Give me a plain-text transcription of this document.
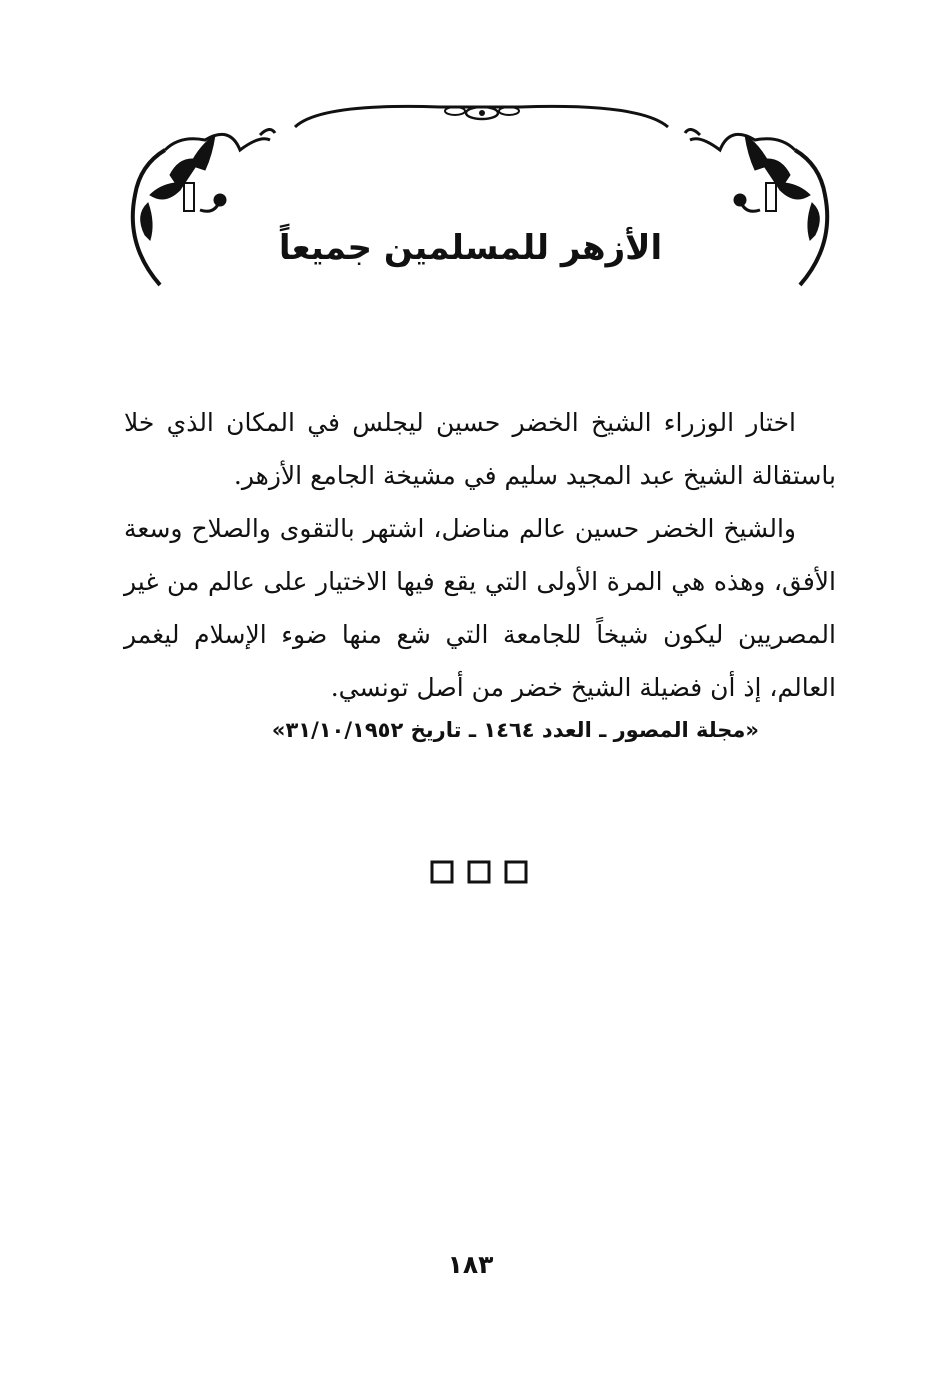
الأزهر للمسلمين جميعاً

اختار الوزراء الشيخ الخضر حسين ليجلس في المكان الذي خلا باستقالة الشيخ عبد المجيد سليم في مشيخة الجامع الأزهر.

والشيخ الخضر حسين عالم مناضل، اشتهر بالتقوى والصلاح وسعة الأفق، وهذه هي المرة الأولى التي يقع فيها الاختيار على عالم من غير المصريين ليكون شيخاً للجامعة التي شع منها ضوء الإسلام ليغمر العالم، إذ أن فضيلة الشيخ خضر من أصل تونسي.

«مجلة المصور ـ العدد ١٤٦٤ ـ تاريخ ٣١/١٠/١٩٥٢»
١٨٣
